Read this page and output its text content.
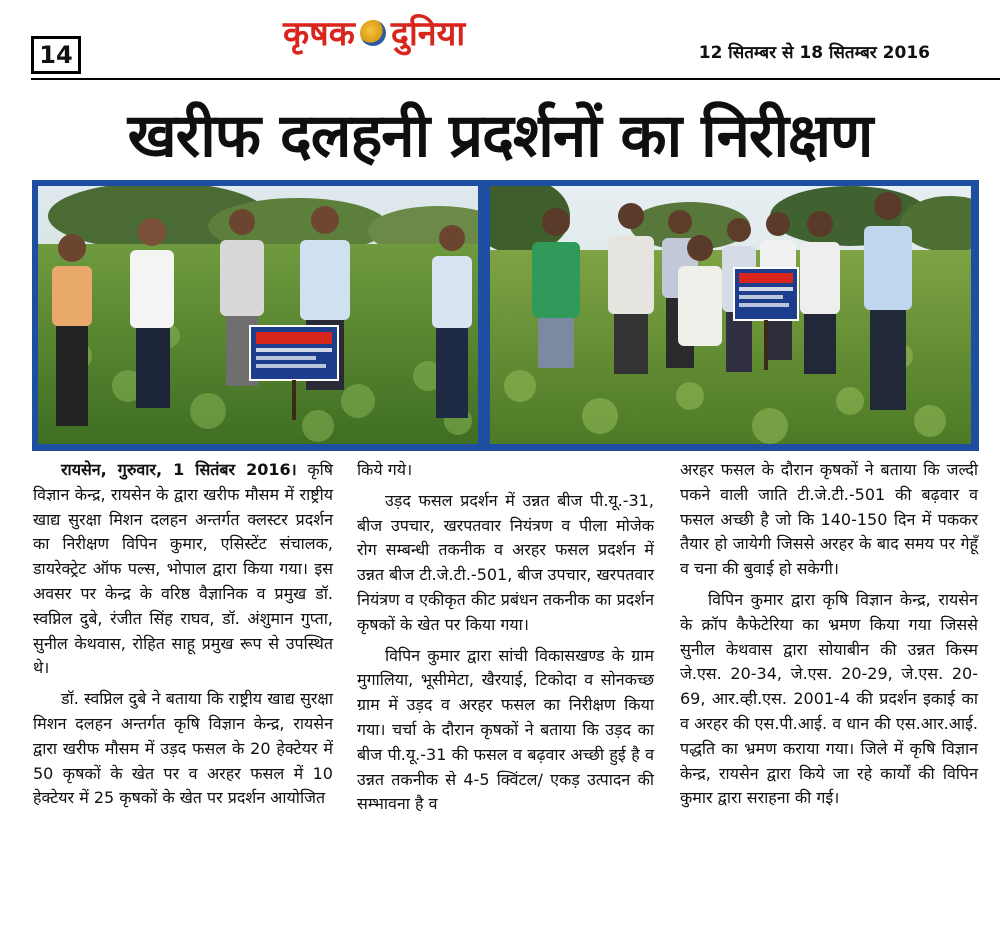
14
कृषक दुनिया	12 सितम्बर से 18 सितम्बर 2016
खरीफ दलहनी प्रदर्शनों का निरीक्षण

रायसेन, गुरुवार, 1 सितंबर 2016। कृषि विज्ञान केन्द्र, रायसेन के द्वारा खरीफ मौसम में राष्ट्रीय खाद्य सुरक्षा मिशन दलहन अन्तर्गत क्लस्टर प्रदर्शन का निरीक्षण विपिन कुमार, एसिस्टेंट संचालक, डायरेक्ट्रेट ऑफ पल्स, भोपाल द्वारा किया गया। इस अवसर पर केन्द्र के वरिष्ठ वैज्ञानिक व प्रमुख डॉ. स्वप्निल दुबे, रंजीत सिंह राघव, डॉ. अंशुमान गुप्ता, सुनील केथवास, रोहित साहू प्रमुख रूप से उपस्थित थे।

डॉ. स्वप्निल दुबे ने बताया कि राष्ट्रीय खाद्य सुरक्षा मिशन दलहन अन्तर्गत कृषि विज्ञान केन्द्र, रायसेन द्वारा खरीफ मौसम में उड़द फसल के 20 हेक्टेयर में 50 कृषकों के खेत पर व अरहर फसल में 10 हेक्टेयर में 25 कृषकों के खेत पर प्रदर्शन आयोजित

किये गये।

उड़द फसल प्रदर्शन में उन्नत बीज पी.यू.-31, बीज उपचार, खरपतवार नियंत्रण व पीला मोजेक रोग सम्बन्धी तकनीक व अरहर फसल प्रदर्शन में उन्नत बीज टी.जे.टी.-501, बीज उपचार, खरपतवार नियंत्रण व एकीकृत कीट प्रबंधन तकनीक का प्रदर्शन कृषकों के खेत पर किया गया।

विपिन कुमार द्वारा सांची विकासखण्ड के ग्राम मुगालिया, भूसीमेटा, खैरयाई, टिकोदा व सोनकच्छ ग्राम में उड़द व अरहर फसल का निरीक्षण किया गया। चर्चा के दौरान कृषकों ने बताया कि उड़द का बीज पी.यू.-31 की फसल व बढ़वार अच्छी हुई है व उन्नत तकनीक से 4-5 क्विंटल/ एकड़ उत्पादन की सम्भावना है व

अरहर फसल के दौरान कृषकों ने बताया कि जल्दी पकने वाली जाति टी.जे.टी.-501 की बढ़वार व फसल अच्छी है जो कि 140-150 दिन में पककर तैयार हो जायेगी जिससे अरहर के बाद समय पर गेहूँ व चना की बुवाई हो सकेगी।

विपिन कुमार द्वारा कृषि विज्ञान केन्द्र, रायसेन के क्रॉप कैफेटेरिया का भ्रमण किया गया जिससे सुनील केथवास द्वारा सोयाबीन की उन्नत किस्म जे.एस. 20-34, जे.एस. 20-29, जे.एस. 20-69, आर.व्ही.एस. 2001-4 की प्रदर्शन इकाई का व अरहर की एस.पी.आई. व धान की एस.आर.आई. पद्धति का भ्रमण कराया गया। जिले में कृषि विज्ञान केन्द्र, रायसेन द्वारा किये जा रहे कार्यों की विपिन कुमार द्वारा सराहना की गई।
